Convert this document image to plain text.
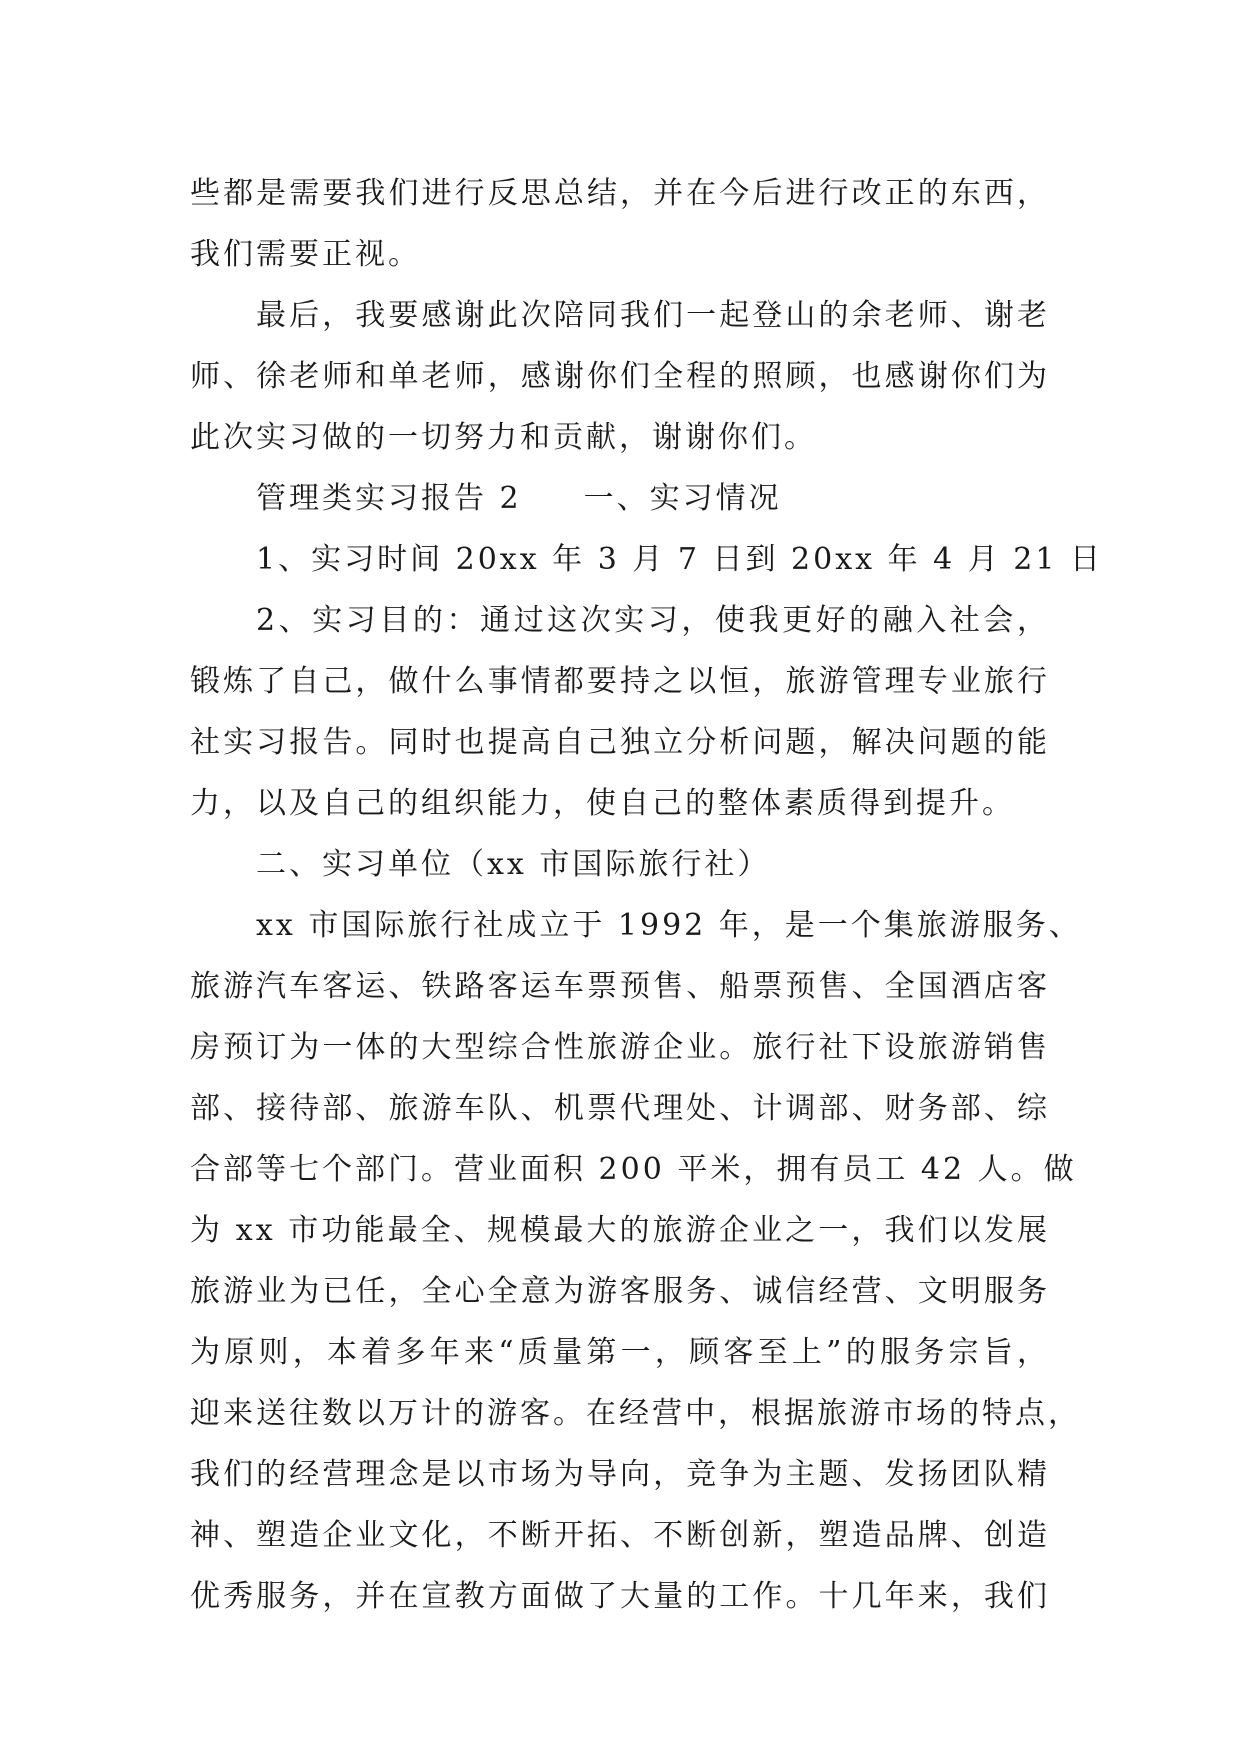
些都是需要我们进行反思总结，并在今后进行改正的东西，
我们需要正视。
最后，我要感谢此次陪同我们一起登山的余老师、谢老
师、徐老师和单老师，感谢你们全程的照顾，也感谢你们为
此次实习做的一切努力和贡献，谢谢你们。
管理类实习报告 2 一、实习情况
1、实习时间 20xx 年 3 月 7 日到 20xx 年 4 月 21 日
2、实习目的：通过这次实习，使我更好的融入社会，
锻炼了自己，做什么事情都要持之以恒，旅游管理专业旅行
社实习报告。同时也提高自己独立分析问题，解决问题的能
力，以及自己的组织能力，使自己的整体素质得到提升。
二、实习单位（xx 市国际旅行社）
xx 市国际旅行社成立于 1992 年，是一个集旅游服务、
旅游汽车客运、铁路客运车票预售、船票预售、全国酒店客
房预订为一体的大型综合性旅游企业。旅行社下设旅游销售
部、接待部、旅游车队、机票代理处、计调部、财务部、综
合部等七个部门。营业面积 200 平米，拥有员工 42 人。做
为 xx 市功能最全、规模最大的旅游企业之一，我们以发展
旅游业为已任，全心全意为游客服务、诚信经营、文明服务
为原则，本着多年来“质量第一，顾客至上”的服务宗旨，
迎来送往数以万计的游客。在经营中，根据旅游市场的特点，
我们的经营理念是以市场为导向，竞争为主题、发扬团队精
神、塑造企业文化，不断开拓、不断创新，塑造品牌、创造
优秀服务，并在宣教方面做了大量的工作。十几年来，我们
